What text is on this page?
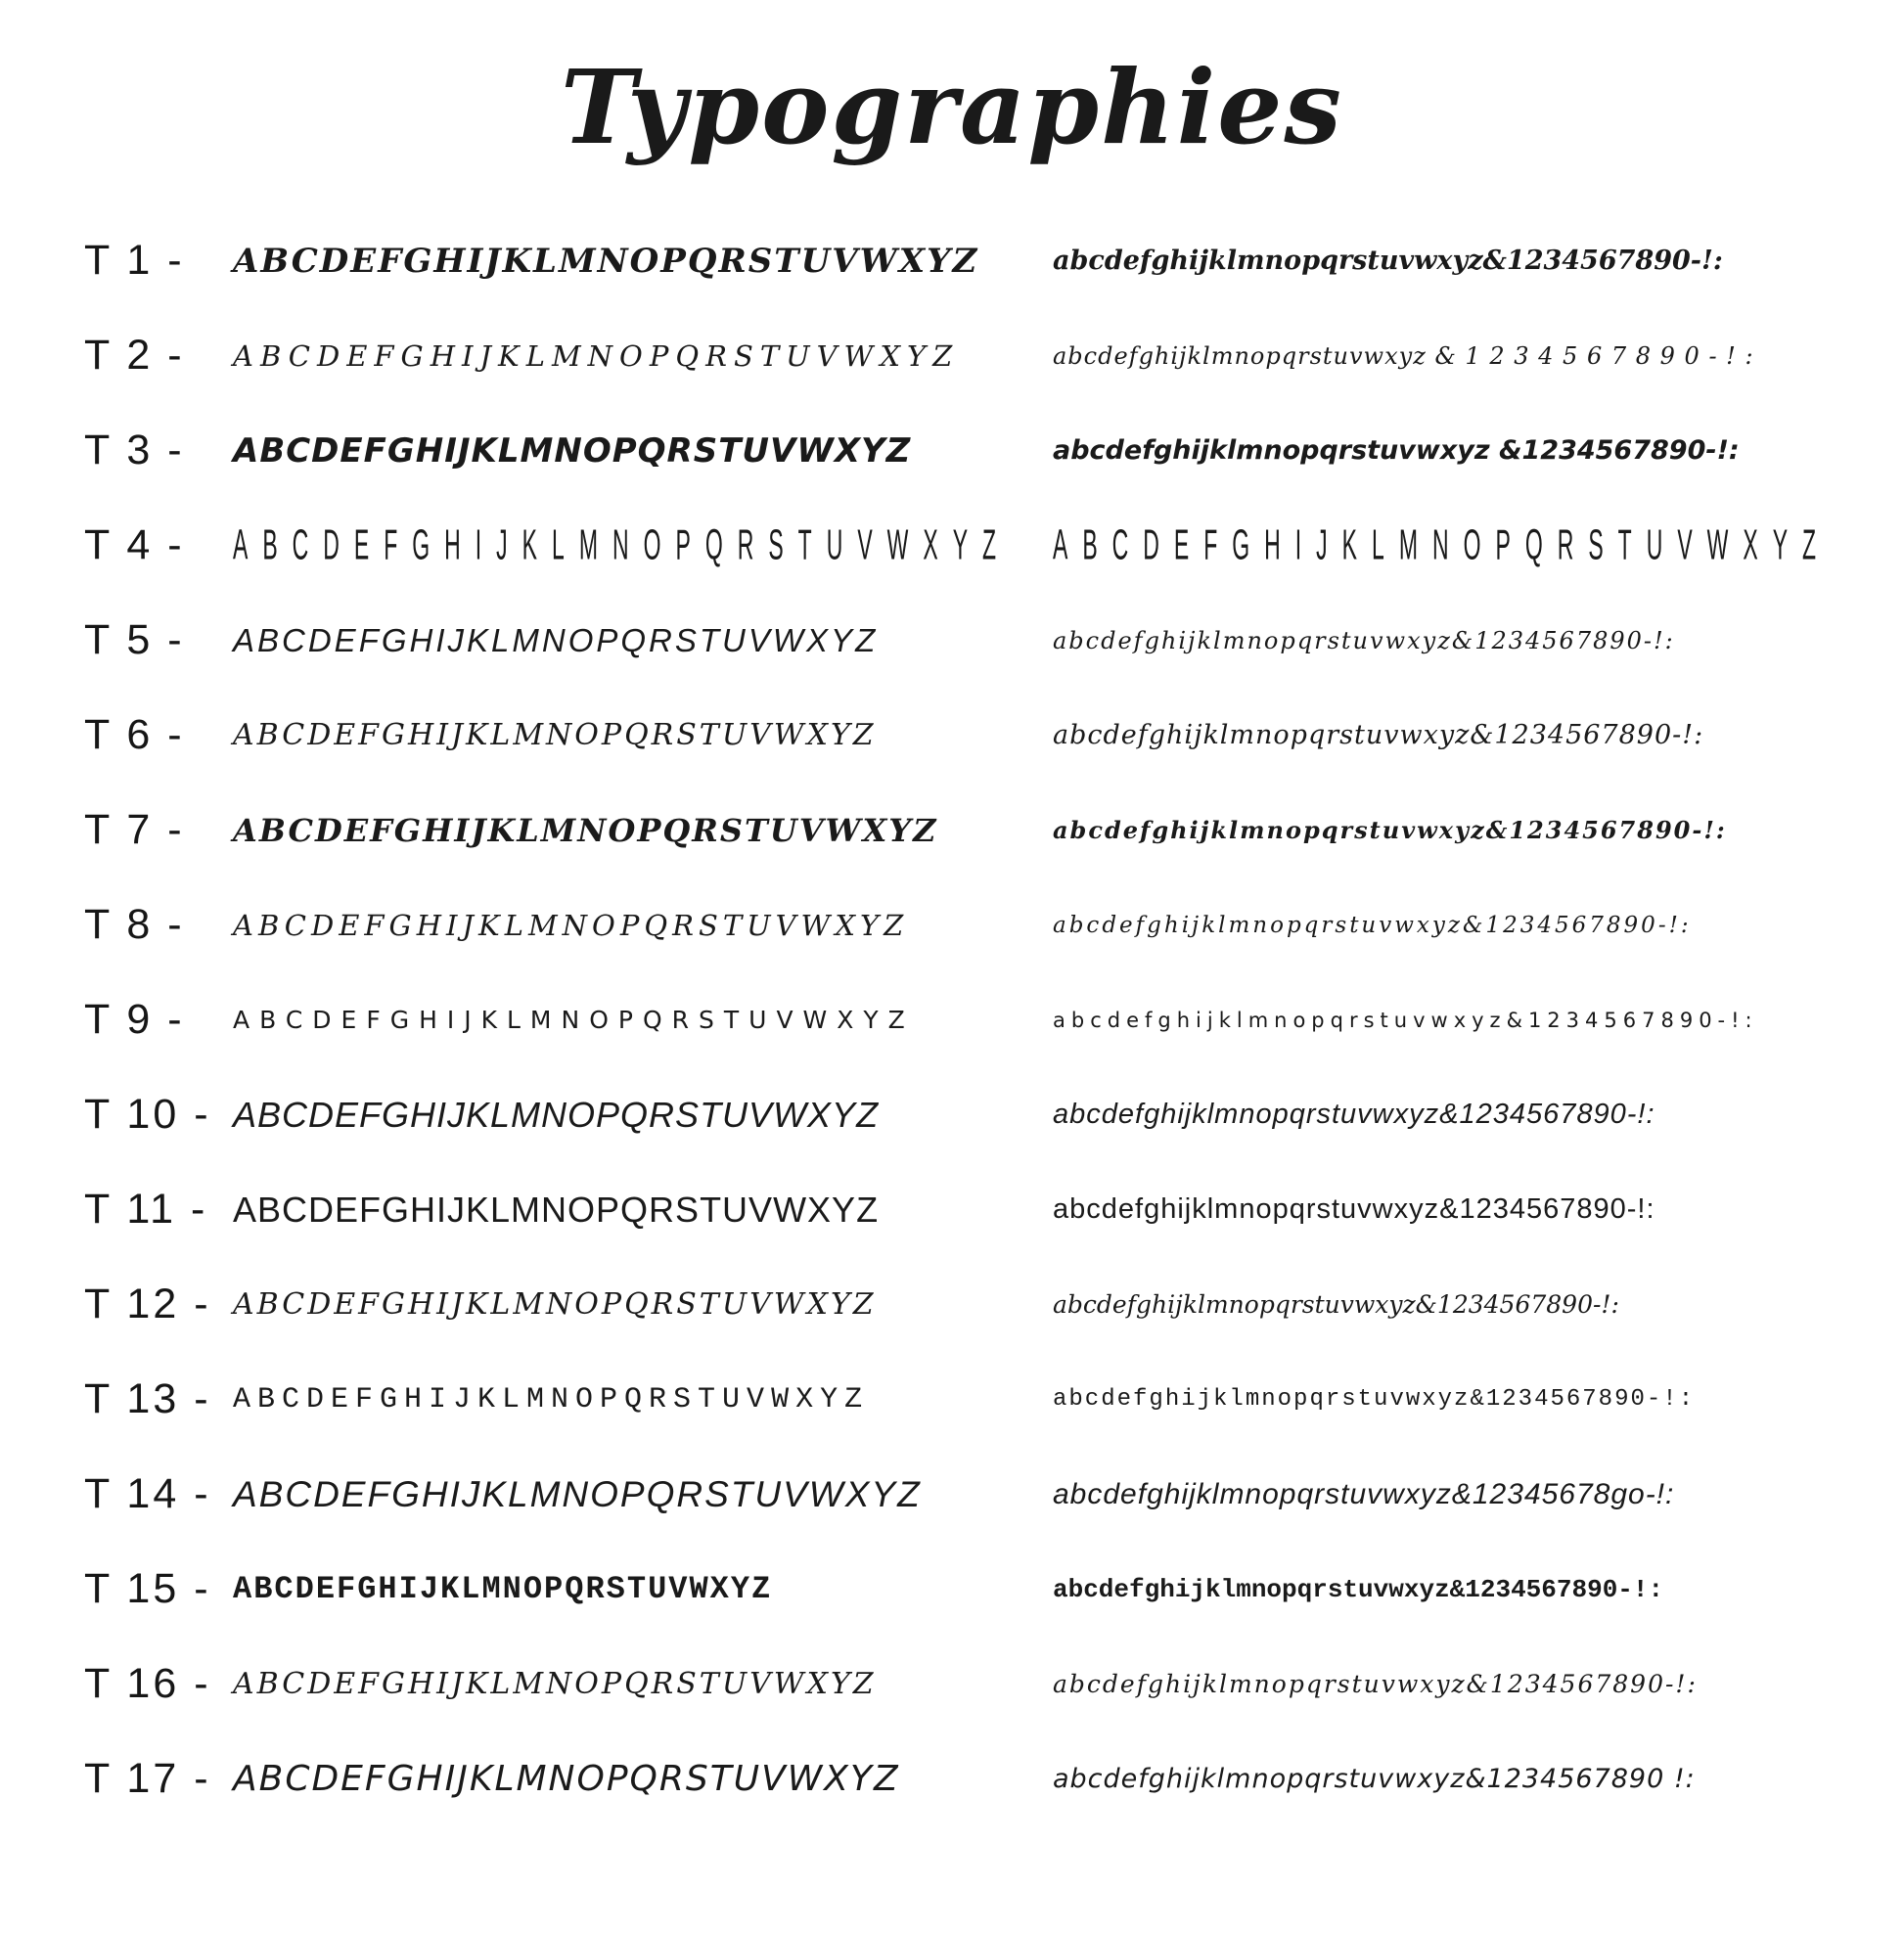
Typographies
T 1 -	ABCDEFGHIJKLMNOPQRSTUVWXYZ	abcdefghijklmnopqrstuvwxyz&1234567890-!:
T 2 -	ABCDEFGHIJKLMNOPQRSTUVWXYZ	abcdefghijklmnopqrstuvwxyz & 1 2 3 4 5 6 7 8 9 0 - ! :
T 3 -	ABCDEFGHIJKLMNOPQRSTUVWXYZ	abcdefghijklmnopqrstuvwxyz &1234567890-!:
T 4 -	ABCDEFGHIJKLMNOPQRSTUVWXYZ	ABCDEFGHIJKLMNOPQRSTUVWXYZ
T 5 -	ABCDEFGHIJKLMNOPQRSTUVWXYZ	abcdefghijklmnopqrstuvwxyz&1234567890-!:
T 6 -	ABCDEFGHIJKLMNOPQRSTUVWXYZ	abcdefghijklmnopqrstuvwxyz&1234567890-!:
T 7 -	ABCDEFGHIJKLMNOPQRSTUVWXYZ	abcdefghijklmnopqrstuvwxyz&1234567890-!:
T 8 -	ABCDEFGHIJKLMNOPQRSTUVWXYZ	abcdefghijklmnopqrstuvwxyz&1234567890-!:
T 9 -	ABCDEFGHIJKLMNOPQRSTUVWXYZ	abcdefghijklmnopqrstuvwxyz&1234567890-!:
T 10 - ABCDEFGHIJKLMNOPQRSTUVWXYZ	abcdefghijklmnopqrstuvwxyz&1234567890-!:
T 11 - ABCDEFGHIJKLMNOPQRSTUVWXYZ	abcdefghijklmnopqrstuvwxyz&1234567890-!:
T 12 - ABCDEFGHIJKLMNOPQRSTUVWXYZ	abcdefghijklmnopqrstuvwxyz&1234567890-!:
T 13 - ABCDEFGHIJKLMNOPQRSTUVWXYZ	abcdefghijklmnopqrstuvwxyz&1234567890-!:
T 14 - ABCDEFGHIJKLMNOPQRSTUVWXYZ	abcdefghijklmnopqrstuvwxyz&12345678go-!:
T 15 - ABCDEFGHIJKLMNOPQRSTUVWXYZ	abcdefghijklmnopqrstuvwxyz&1234567890-!:
T 16 - ABCDEFGHIJKLMNOPQRSTUVWXYZ	abcdefghijklmnopqrstuvwxyz&1234567890-!:
T 17 - ABCDEFGHIJKLMNOPQRSTUVWXYZ	abcdefghijklmnopqrstuvwxyz&1234567890 !:
